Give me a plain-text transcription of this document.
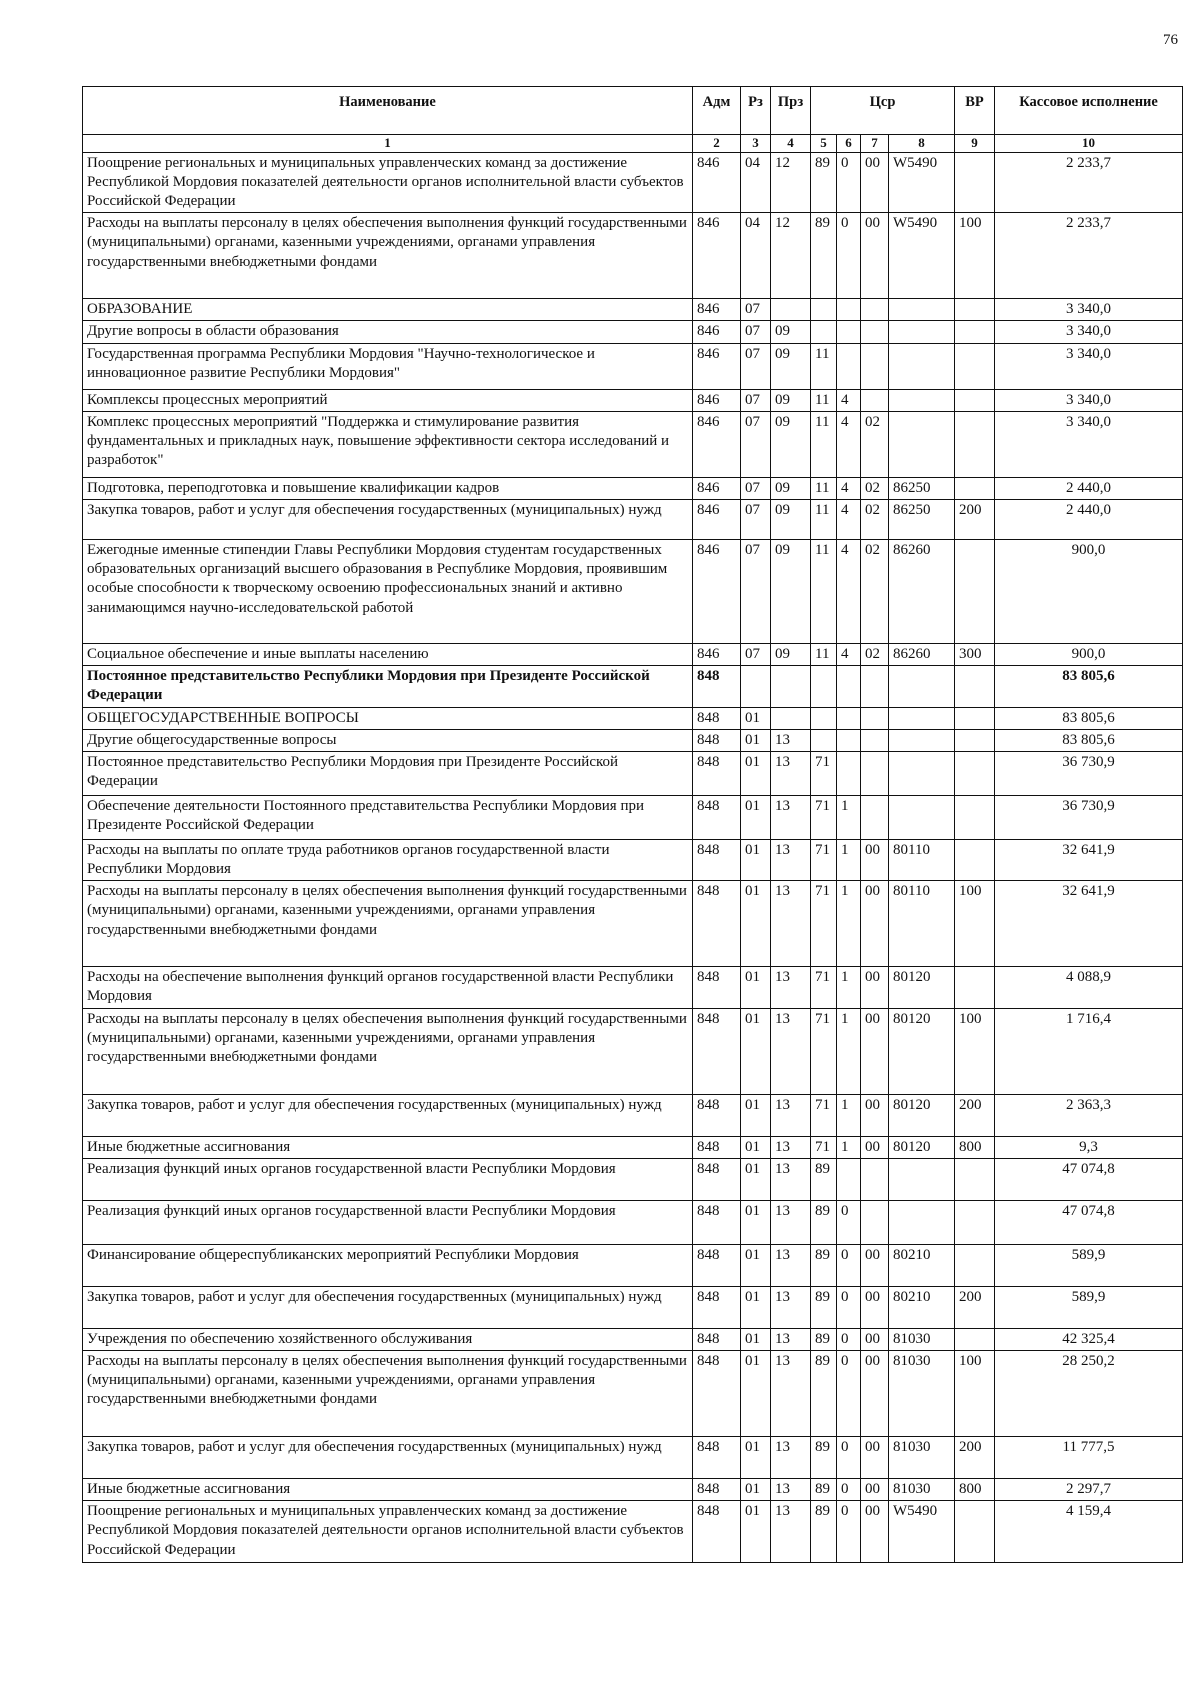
76
Наименование	Адм	Рз	Прз	Цср				ВР	Кассовое исполнение
1	2	3	4	5	6	7	8	9	10
Поощрение региональных и муниципальных управленческих команд за достижение Республикой Мордовия показателей деятельности органов исполнительной власти субъектов Российской Федерации	846	04	12	89	0	00	W5490		2 233,7
Расходы на выплаты персоналу в целях обеспечения выполнения функций государственными (муниципальными) органами, казенными учреждениями, органами управления государственными внебюджетными фондами	846	04	12	89	0	00	W5490	100	2 233,7
ОБРАЗОВАНИЕ	846	07							3 340,0
Другие вопросы в области образования	846	07	09						3 340,0
Государственная программа Республики Мордовия "Научно-технологическое и инновационное развитие Республики Мордовия"	846	07	09	11					3 340,0
Комплексы процессных мероприятий	846	07	09	11	4				3 340,0
Комплекс процессных мероприятий "Поддержка и стимулирование развития фундаментальных и прикладных наук, повышение эффективности сектора исследований и разработок"	846	07	09	11	4	02			3 340,0
Подготовка, переподготовка и повышение квалификации кадров	846	07	09	11	4	02	86250		2 440,0
Закупка товаров, работ и услуг для обеспечения государственных (муниципальных) нужд	846	07	09	11	4	02	86250	200	2 440,0
Ежегодные именные стипендии Главы Республики Мордовия студентам государственных образовательных организаций высшего образования в Республике Мордовия, проявившим особые способности к творческому освоению профессиональных знаний и активно занимающимся научно-исследовательской работой	846	07	09	11	4	02	86260		900,0
Социальное обеспечение и иные выплаты населению	846	07	09	11	4	02	86260	300	900,0
Постоянное представительство Республики Мордовия при Президенте Российской Федерации	848								83 805,6
ОБЩЕГОСУДАРСТВЕННЫЕ ВОПРОСЫ	848	01							83 805,6
Другие общегосударственные вопросы	848	01	13						83 805,6
Постоянное представительство Республики Мордовия при Президенте Российской Федерации	848	01	13	71					36 730,9
Обеспечение деятельности Постоянного представительства Республики Мордовия при Президенте Российской Федерации	848	01	13	71	1				36 730,9
Расходы на выплаты по оплате труда работников органов государственной власти Республики Мордовия	848	01	13	71	1	00	80110		32 641,9
Расходы на выплаты персоналу в целях обеспечения выполнения функций государственными (муниципальными) органами, казенными учреждениями, органами управления государственными внебюджетными фондами	848	01	13	71	1	00	80110	100	32 641,9
Расходы на обеспечение выполнения функций органов государственной власти Республики Мордовия	848	01	13	71	1	00	80120		4 088,9
Расходы на выплаты персоналу в целях обеспечения выполнения функций государственными (муниципальными) органами, казенными учреждениями, органами управления государственными внебюджетными фондами	848	01	13	71	1	00	80120	100	1 716,4
Закупка товаров, работ и услуг для обеспечения государственных (муниципальных) нужд	848	01	13	71	1	00	80120	200	2 363,3
Иные бюджетные ассигнования	848	01	13	71	1	00	80120	800	9,3
Реализация функций иных органов государственной власти Республики Мордовия	848	01	13	89					47 074,8
Реализация функций иных органов государственной власти Республики Мордовия	848	01	13	89	0				47 074,8
Финансирование общереспубликанских мероприятий Республики Мордовия	848	01	13	89	0	00	80210		589,9
Закупка товаров, работ и услуг для обеспечения государственных (муниципальных) нужд	848	01	13	89	0	00	80210	200	589,9
Учреждения по обеспечению хозяйственного обслуживания	848	01	13	89	0	00	81030		42 325,4
Расходы на выплаты персоналу в целях обеспечения выполнения функций государственными (муниципальными) органами, казенными учреждениями, органами управления государственными внебюджетными фондами	848	01	13	89	0	00	81030	100	28 250,2
Закупка товаров, работ и услуг для обеспечения государственных (муниципальных) нужд	848	01	13	89	0	00	81030	200	11 777,5
Иные бюджетные ассигнования	848	01	13	89	0	00	81030	800	2 297,7
Поощрение региональных и муниципальных управленческих команд за достижение Республикой Мордовия показателей деятельности органов исполнительной власти субъектов Российской Федерации	848	01	13	89	0	00	W5490		4 159,4
